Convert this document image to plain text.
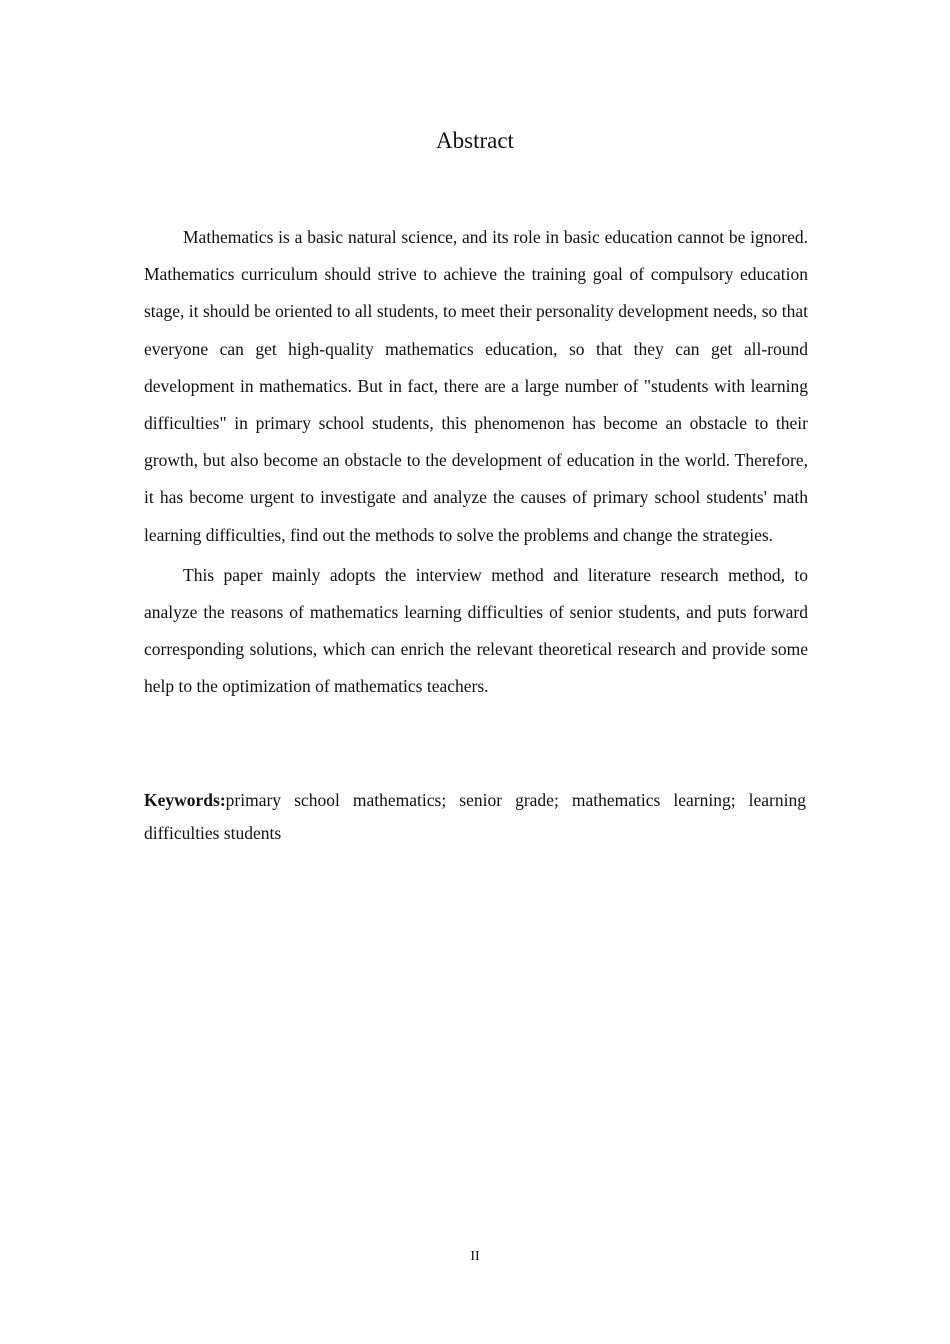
Abstract

Mathematics is a basic natural science, and its role in basic education cannot be ignored. Mathematics curriculum should strive to achieve the training goal of compulsory education stage, it should be oriented to all students, to meet their personality development needs, so that everyone can get high-quality mathematics education, so that they can get all-round development in mathematics. But in fact, there are a large number of "students with learning difficulties" in primary school students, this phenomenon has become an obstacle to their growth, but also become an obstacle to the development of education in the world. Therefore, it has become urgent to investigate and analyze the causes of primary school students' math learning difficulties, find out the methods to solve the problems and change the strategies.

This paper mainly adopts the interview method and literature research method, to analyze the reasons of mathematics learning difficulties of senior students, and puts forward corresponding solutions, which can enrich the relevant theoretical research and provide some help to the optimization of mathematics teachers.

Keywords:primary school mathematics; senior grade; mathematics learning; learning difficulties students

II
